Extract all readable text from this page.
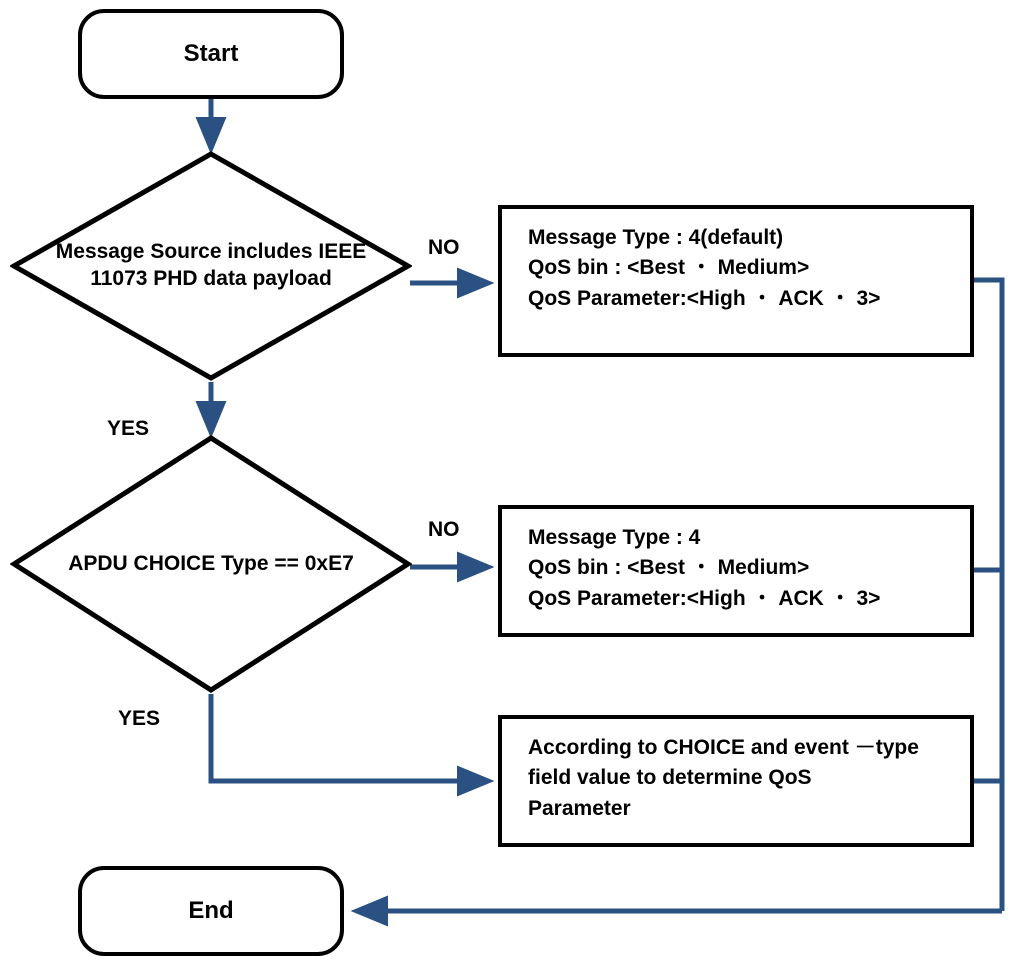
Start
Message Source includes IEEE 11073 PHD data payload
APDU CHOICE Type == 0xE7
Message Type : 4(default)
QoS bin : <Best ・ Medium>
QoS Parameter:<High ・ ACK ・ 3>
Message Type : 4
QoS bin : <Best ・ Medium>
QoS Parameter:<High ・ ACK ・ 3>
According to CHOICE and event －type
field value to determine QoS
Parameter
End
NO
YES
NO
YES
